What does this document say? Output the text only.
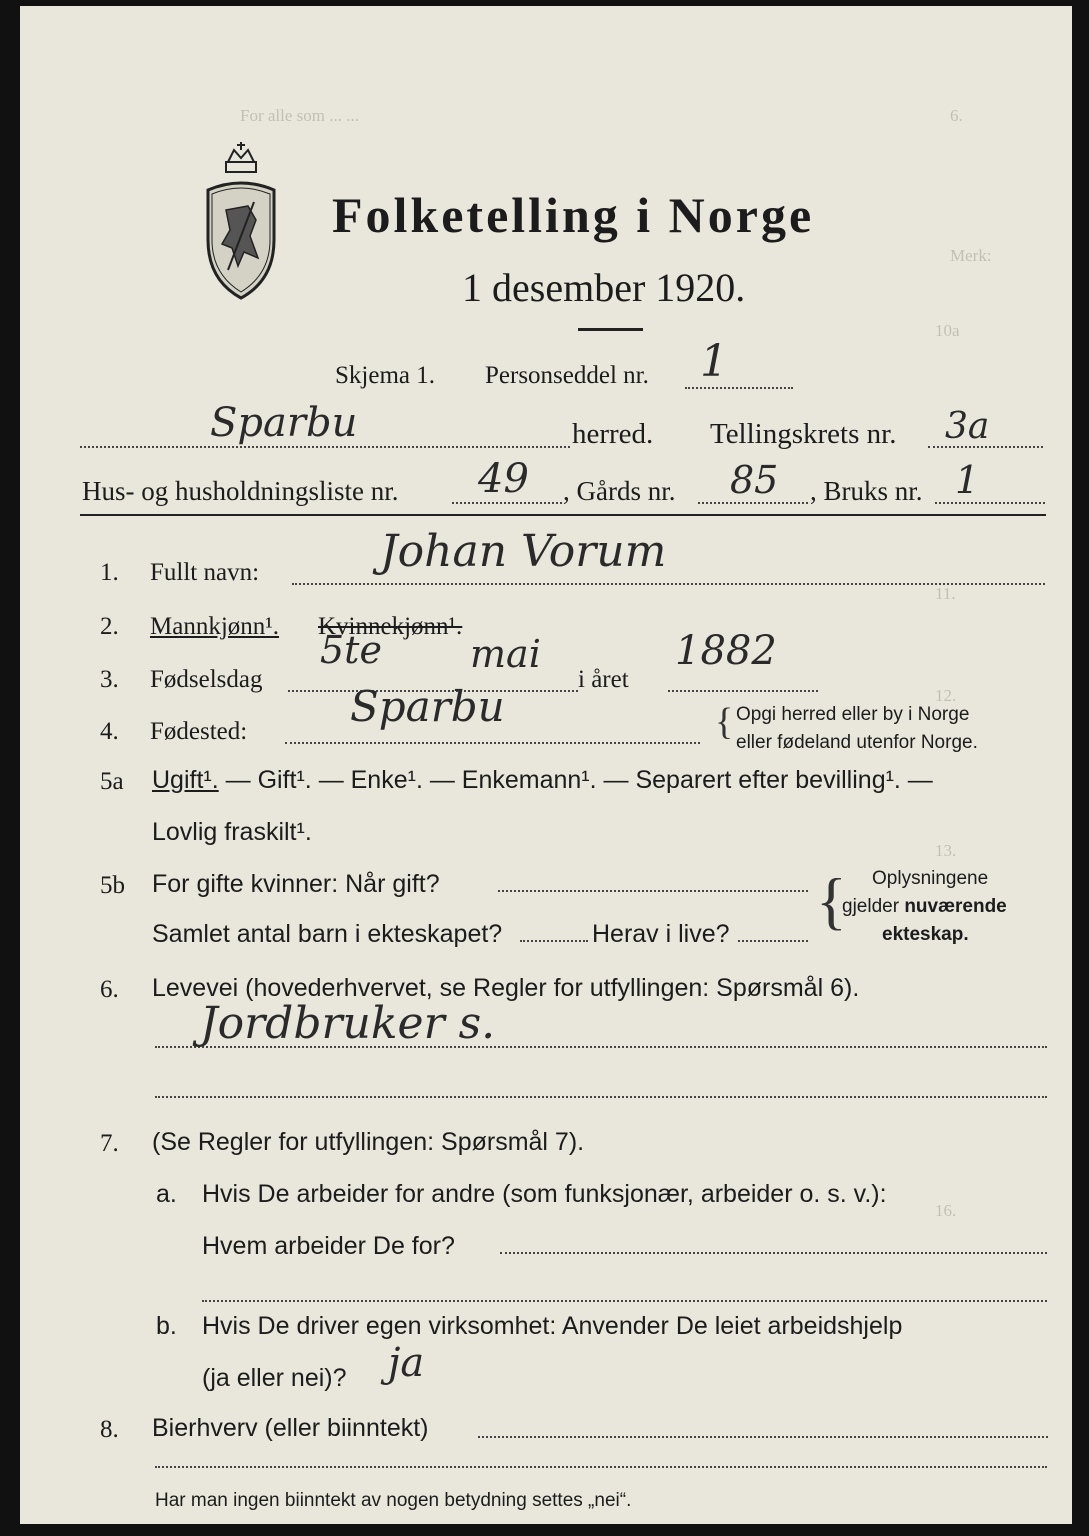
6.
For alle som ... ...
Merk:
10a
11.
12.
13.
16.
Folketelling i Norge
1 desember 1920.
Skjema 1. Personseddel nr. 1
Sparbu	herred. Tellingskrets nr. 3a
Hus- og husholdningsliste nr. 49 , Gårds nr. 85 , Bruks nr. 1
1. Fullt navn:	Johan Vorum
2. Mannkjønn¹. Kvinnekjønn¹.
3. Fødselsdag
5te mai
i året
1882
4. Fødested:
Sparbu	{ Opgi herred eller by i Norge
eller fødeland utenfor Norge.
5a Ugift¹. — Gift¹. — Enke¹. — Enkemann¹. — Separert efter bevilling¹. —
Lovlig fraskilt¹.
5b For gifte kvinner: Når gift?
Samlet antal barn i ekteskapet?	Herav i live? { Oplysningene
gjelder nuværende
ekteskap.
6. Levevei (hovederhvervet, se Regler for utfyllingen: Spørsmål 6).
Jordbruker s.
7. (Se Regler for utfyllingen: Spørsmål 7).
a. Hvis De arbeider for andre (som funksjonær, arbeider o. s. v.):
Hvem arbeider De for?
b. Hvis De driver egen virksomhet: Anvender De leiet arbeidshjelp
(ja eller nei)? ja
8. Bierhverv (eller biinntekt)
Har man ingen biinntekt av nogen betydning settes „nei“.
